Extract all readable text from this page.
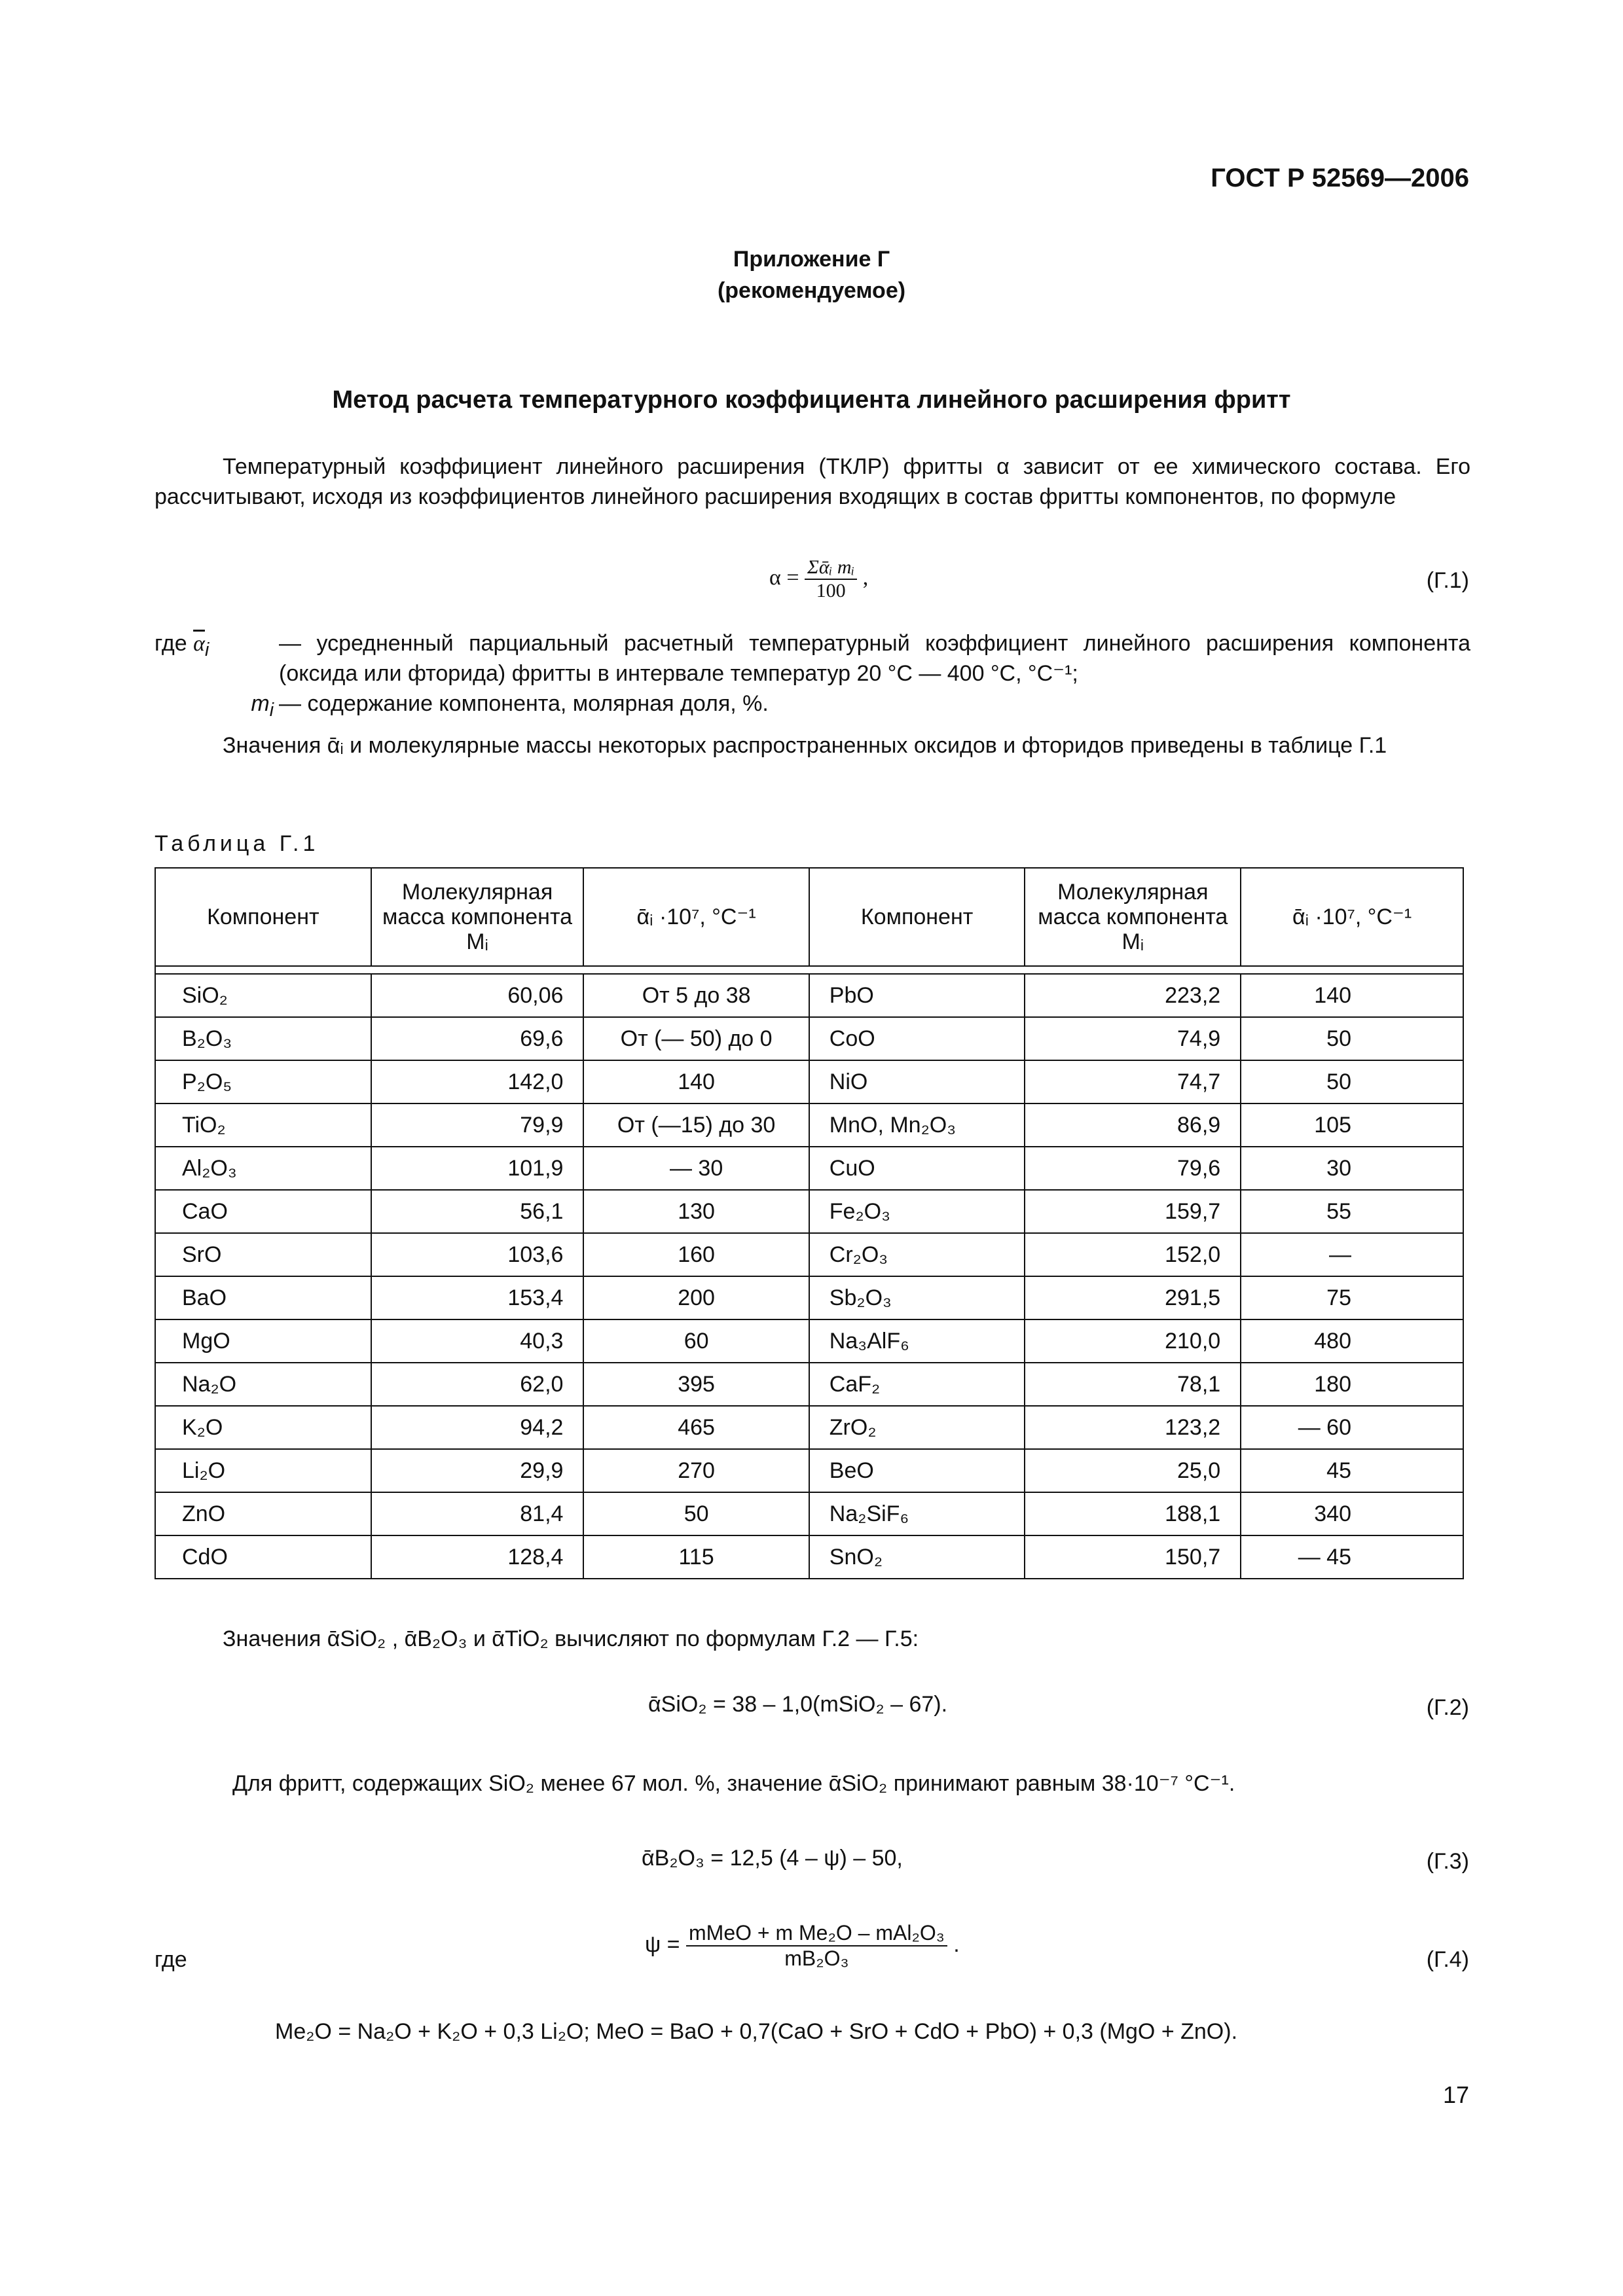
ГОСТ Р 52569—2006
Приложение Г
(рекомендуемое)
Метод расчета температурного коэффициента линейного расширения фритт
Температурный коэффициент линейного расширения (ТКЛР) фритты α зависит от ее химического состава. Его рассчитывают, исходя из коэффициентов линейного расширения входящих в состав фритты компонентов, по формуле
$\alpha = \frac{\text{Σᾱᵢ mᵢ}}{100}$ ,	(Г.1)
где $\overline{\alpha}_i$	— усредненный парциальный расчетный температурный коэффициент линейного расширения компонента (оксида или фторида) фритты в интервале температур 20 °C — 400 °C, °C⁻¹;
$m_i$ — содержание компонента, молярная доля, %.
Значения ᾱᵢ и молекулярные массы некоторых распространенных оксидов и фторидов приведены в таблице Г.1
Таблица Г.1
Компонент	Молекулярная масса компонента Mᵢ	ᾱᵢ ·10⁷, °C⁻¹	Компонент	Молекулярная масса компонента Mᵢ	ᾱᵢ ·10⁷, °C⁻¹

SiO₂	60,06	От 5 до 38	PbO	223,2	140
B₂O₃	69,6	От (— 50) до 0	CoO	74,9	50
P₂O₅	142,0	140	NiO	74,7	50
TiO₂	79,9	От (—15) до 30	MnO, Mn₂O₃	86,9	105
Al₂O₃	101,9	— 30	CuO	79,6	30
CaO	56,1	130	Fe₂O₃	159,7	55
SrO	103,6	160	Cr₂O₃	152,0	—
BaO	153,4	200	Sb₂O₃	291,5	75
MgO	40,3	60	Na₃AlF₆	210,0	480
Na₂O	62,0	395	CaF₂	78,1	180
K₂O	94,2	465	ZrO₂	123,2	— 60
Li₂O	29,9	270	BeO	25,0	45
ZnO	81,4	50	Na₂SiF₆	188,1	340
CdO	128,4	115	SnO₂	150,7	— 45
Значения ᾱSiO₂ , ᾱB₂O₃ и ᾱTiO₂ вычисляют по формулам Г.2 — Г.5:
ᾱSiO₂ = 38 – 1,0(mSiO₂ – 67).	(Г.2)
Для фритт, содержащих SiO₂ менее 67 мол. %, значение ᾱSiO₂ принимают равным 38·10⁻⁷ °C⁻¹.
ᾱB₂O₃ = 12,5 (4 – ψ) – 50,	(Г.3)
где
$\psi = \frac{\text{mMeO + m Me₂O – mAl₂O₃}}{\text{mB₂O₃}}$ .
(Г.4)
Me₂O = Na₂O + K₂O + 0,3 Li₂O; MeO = BaO + 0,7(CaO + SrO + CdO + PbO) + 0,3 (MgO + ZnO).
17
